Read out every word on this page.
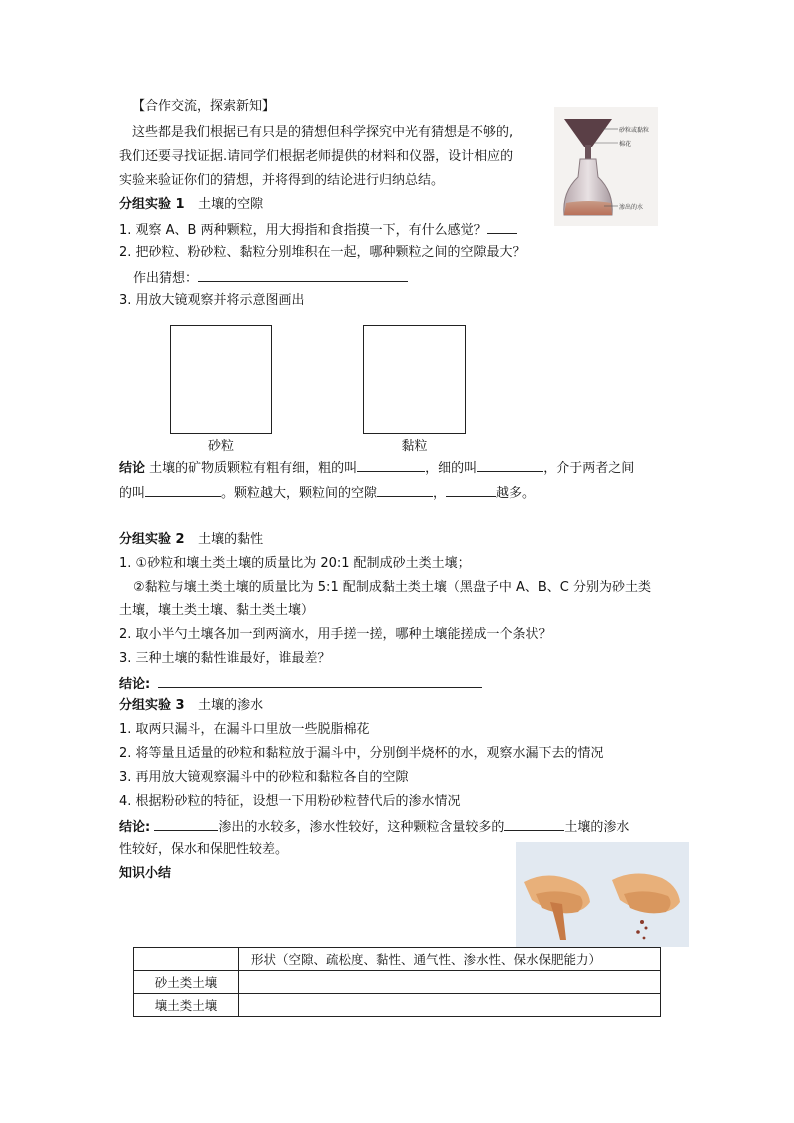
【合作交流，探索新知】
这些都是我们根据已有只是的猜想但科学探究中光有猜想是不够的,
我们还要寻找证据.请同学们根据老师提供的材料和仪器，设计相应的
实验来验证你们的猜想，并将得到的结论进行归纳总结。
砂粒或黏粒
棉花
渗出的水
分组实验 1 土壤的空隙
1. 观察 A、B 两种颗粒，用大拇指和食指摸一下，有什么感觉？
2. 把砂粒、粉砂粒、黏粒分别堆积在一起，哪种颗粒之间的空隙最大？
作出猜想：
3. 用放大镜观察并将示意图画出
砂粒	黏粒
结论 土壤的矿物质颗粒有粗有细，粗的叫	，细的叫	，介于两者之间
的叫	。颗粒越大，颗粒间的空隙	，	越多。
分组实验 2 土壤的黏性
1. ①砂粒和壤土类土壤的质量比为 20:1 配制成砂土类土壤；
②黏粒与壤土类土壤的质量比为 5:1 配制成黏土类土壤（黑盘子中 A、B、C 分别为砂土类
土壤，壤土类土壤、黏土类土壤）
2. 取小半勺土壤各加一到两滴水，用手搓一搓，哪种土壤能搓成一个条状？
3. 三种土壤的黏性谁最好，谁最差？
结论:
分组实验 3 土壤的渗水
1. 取两只漏斗，在漏斗口里放一些脱脂棉花
2. 将等量且适量的砂粒和黏粒放于漏斗中，分别倒半烧杯的水，观察水漏下去的情况
3. 再用放大镜观察漏斗中的砂粒和黏粒各自的空隙
4. 根据粉砂粒的特征，设想一下用粉砂粒替代后的渗水情况
结论:	渗出的水较多，渗水性较好，这种颗粒含量较多的	土壤的渗水
性较好，保水和保肥性较差。
知识小结
	形状（空隙、疏松度、黏性、通气性、渗水性、保水保肥能力）
砂土类土壤	
壤土类土壤	
